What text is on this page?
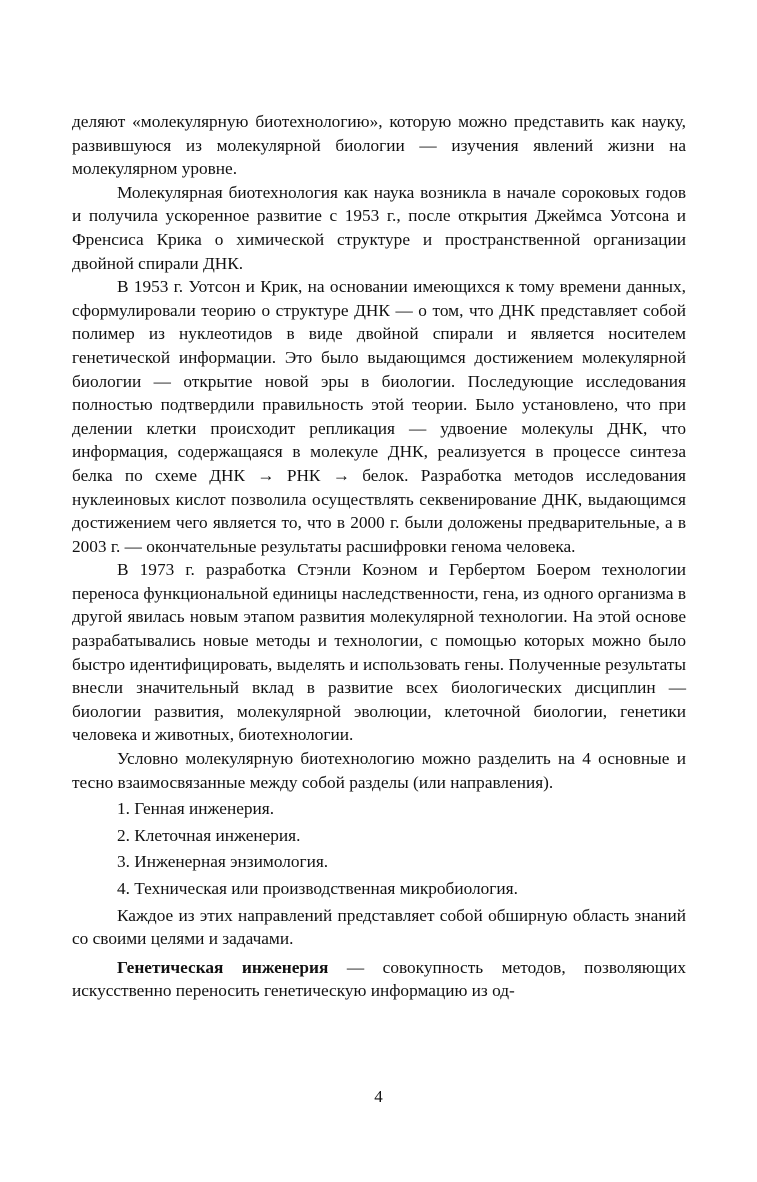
деляют «молекулярную биотехнологию», которую можно представить как науку, развившуюся из молекулярной биологии — изучения явлений жизни на молекулярном уровне.

Молекулярная биотехнология как наука возникла в начале сороковых годов и получила ускоренное развитие с 1953 г., после открытия Джеймса Уотсона и Френсиса Крика о химической структуре и пространственной организации двойной спирали ДНК.

В 1953 г. Уотсон и Крик, на основании имеющихся к тому времени данных, сформулировали теорию о структуре ДНК — о том, что ДНК представляет собой полимер из нуклеотидов в виде двойной спирали и является носителем генетической информации. Это было выдающимся достижением молекулярной биологии — открытие новой эры в биологии. Последующие исследования полностью подтвердили правильность этой теории. Было установлено, что при делении клетки происходит репликация — удвоение молекулы ДНК, что информация, содержащаяся в молекуле ДНК, реализуется в процессе синтеза белка по схеме ДНК → РНК → белок. Разработка методов исследования нуклеиновых кислот позволила осуществлять секвенирование ДНК, выдающимся достижением чего является то, что в 2000 г. были доложены предварительные, а в 2003 г. — окончательные результаты расшифровки генома человека.

В 1973 г. разработка Стэнли Коэном и Гербертом Боером технологии переноса функциональной единицы наследственности, гена, из одного организма в другой явилась новым этапом развития молекулярной технологии. На этой основе разрабатывались новые методы и технологии, с помощью которых можно было быстро идентифицировать, выделять и использовать гены. Полученные результаты внесли значительный вклад в развитие всех биологических дисциплин — биологии развития, молекулярной эволюции, клеточной биологии, генетики человека и животных, биотехнологии.

Условно молекулярную биотехнологию можно разделить на 4 основные и тесно взаимосвязанные между собой разделы (или направления).

1. Генная инженерия.

2. Клеточная инженерия.

3. Инженерная энзимология.

4. Техническая или производственная микробиология.

Каждое из этих направлений представляет собой обширную область знаний со своими целями и задачами.

Генетическая инженерия — совокупность методов, позволяющих искусственно переносить генетическую информацию из од-

4
